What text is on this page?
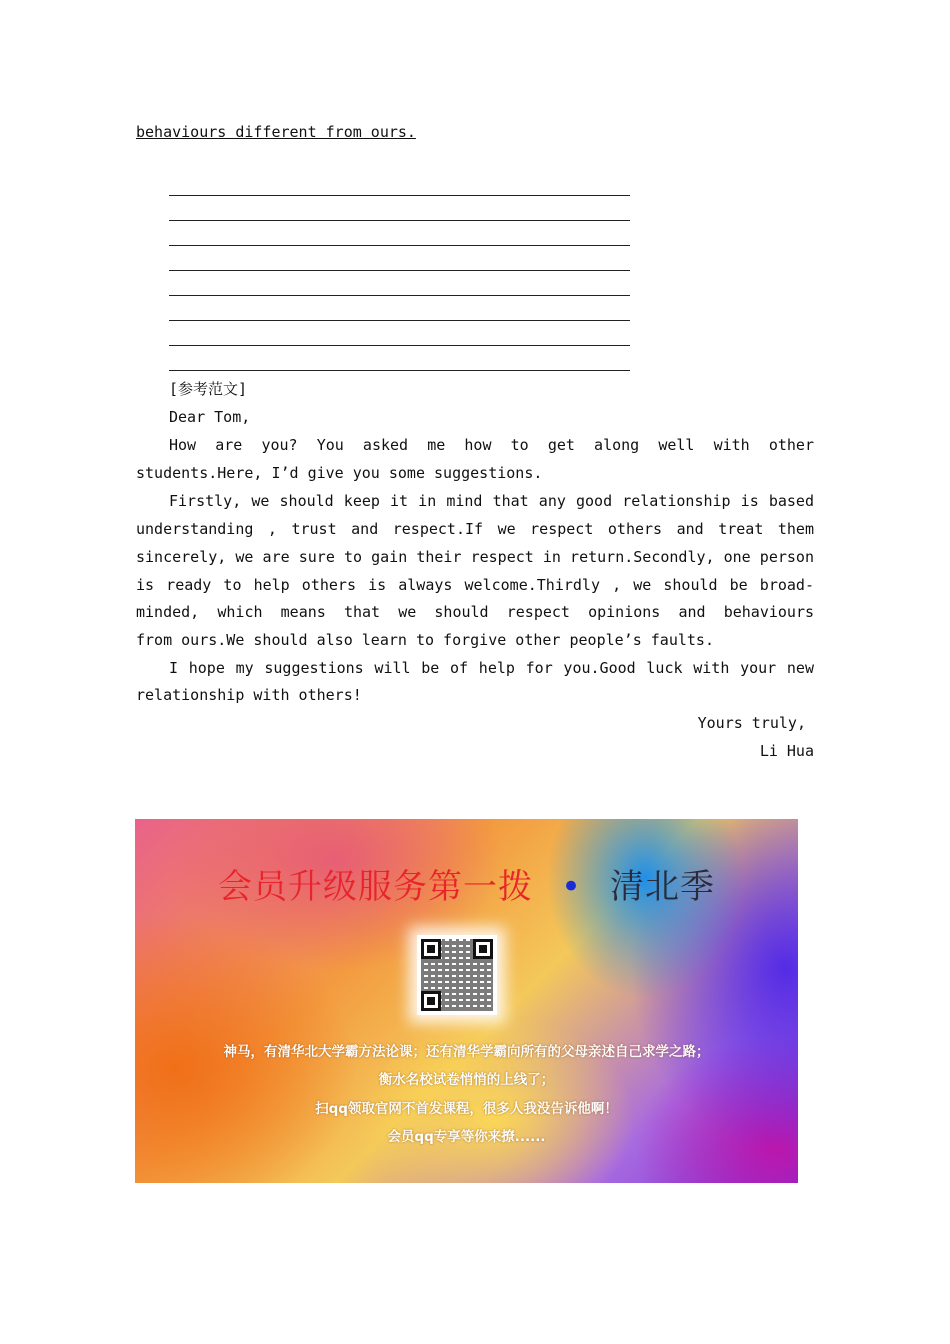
behaviours different from ours.
[参考范文]
Dear Tom,
How are you? You asked me how to get along well with other
students.Here, I’d give you some suggestions.
Firstly, we should keep it in mind that any good relationship is based
understanding , trust and respect.If we respect others and treat them
sincerely, we are sure to gain their respect in return.Secondly, one person
is ready to help others is always welcome.Thirdly , we should be broad-
minded, which means that we should respect opinions and behaviours
from ours.We should also learn to forgive other people’s faults.
I hope my suggestions will be of help for you.Good luck with your new
relationship with others!
Yours truly,
Li Hua
会员升级服务第一拨 • 清北季
神马，有清华北大学霸方法论课；还有清华学霸向所有的父母亲述自己求学之路；
衡水名校试卷悄悄的上线了；
扫qq领取官网不首发课程，很多人我没告诉他啊！
会员qq专享等你来撩......
